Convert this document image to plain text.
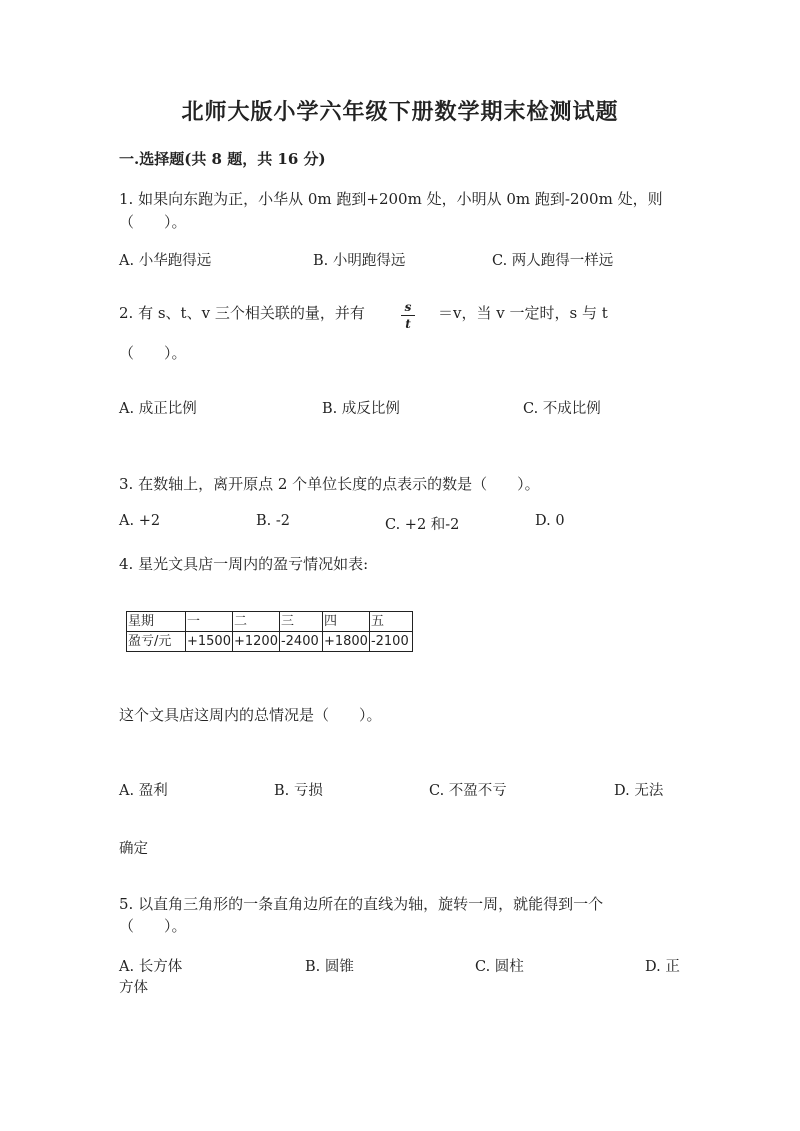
北师大版小学六年级下册数学期末检测试题
一.选择题(共 8 题，共 16 分)
1. 如果向东跑为正，小华从 0m 跑到+200m 处，小明从 0m 跑到-200m 处，则
（　　）。
A. 小华跑得远	B. 小明跑得远	C. 两人跑得一样远
2. 有 s、t、v 三个相关联的量，并有	s
t
＝v，当 v 一定时，s 与 t
（　　）。
A. 成正比例	B. 成反比例	C. 不成比例
3. 在数轴上，离开原点 2 个单位长度的点表示的数是（　　）。
A. +2	B. -2	C. +2 和-2	D. 0
4. 星光文具店一周内的盈亏情况如表:
星期	一	二	三	四	五
盈亏/元	+1500	+1200	-2400	+1800	-2100
这个文具店这周内的总情况是（　　）。
A. 盈利	B. 亏损	C. 不盈不亏	D. 无法
确定
5. 以直角三角形的一条直角边所在的直线为轴，旋转一周，就能得到一个
（　　）。
A. 长方体	B. 圆锥	C. 圆柱	D. 正
方体
